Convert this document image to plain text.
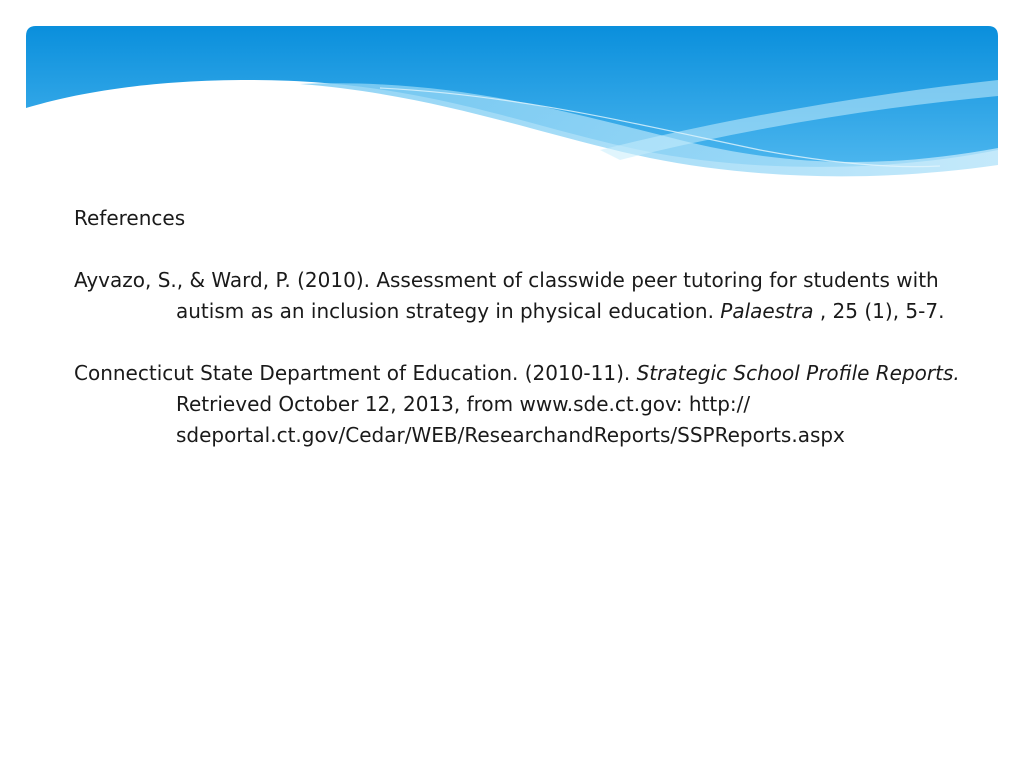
References

Ayvazo, S., & Ward, P. (2010). Assessment of classwide peer tutoring for students with autism as an inclusion strategy in physical education. Palaestra , 25 (1), 5-7.

Connecticut State Department of Education. (2010-11). Strategic School Profile Reports. Retrieved October 12, 2013, from www.sde.ct.gov: http:// sdeportal.ct.gov/Cedar/WEB/ResearchandReports/SSPReports.aspx
